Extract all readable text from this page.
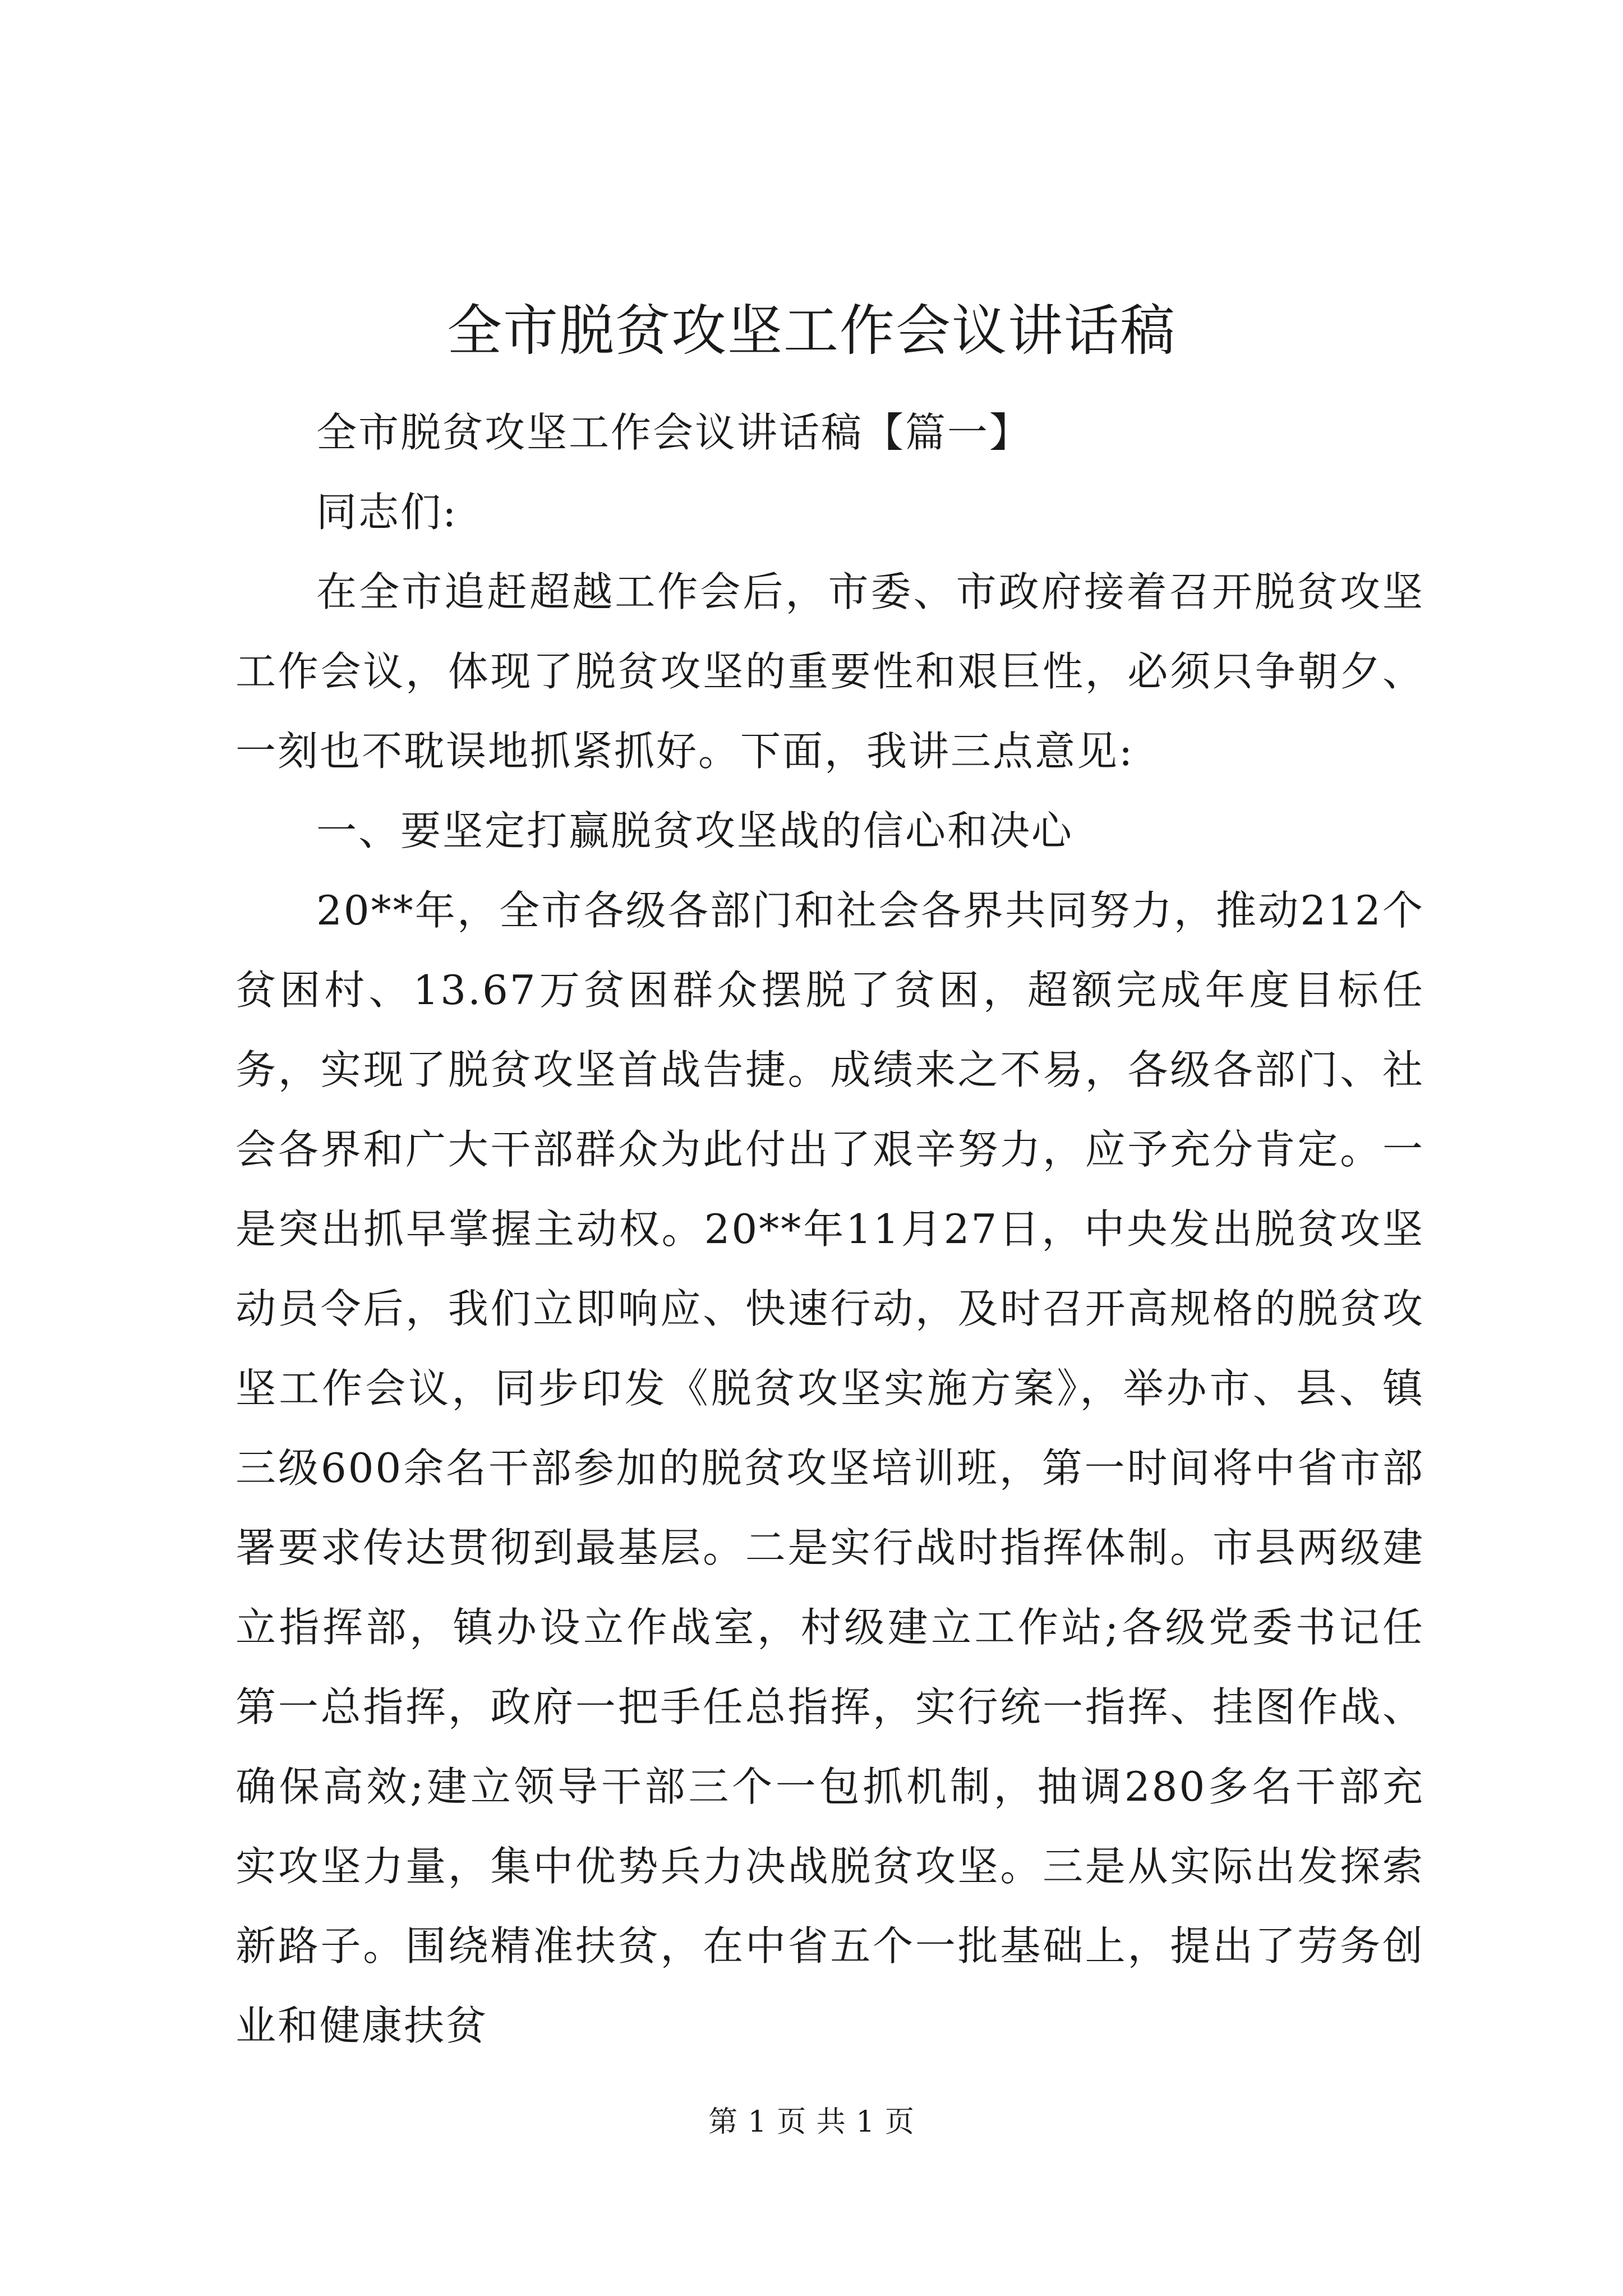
全市脱贫攻坚工作会议讲话稿

全市脱贫攻坚工作会议讲话稿【篇一】

同志们:

在全市追赶超越工作会后，市委、市政府接着召开脱贫攻坚工作会议，体现了脱贫攻坚的重要性和艰巨性，必须只争朝夕、一刻也不耽误地抓紧抓好。下面，我讲三点意见:

一、要坚定打赢脱贫攻坚战的信心和决心

20**年，全市各级各部门和社会各界共同努力，推动212个贫困村、13.67万贫困群众摆脱了贫困，超额完成年度目标任务，实现了脱贫攻坚首战告捷。成绩来之不易，各级各部门、社会各界和广大干部群众为此付出了艰辛努力，应予充分肯定。一是突出抓早掌握主动权。20**年11月27日，中央发出脱贫攻坚动员令后，我们立即响应、快速行动，及时召开高规格的脱贫攻坚工作会议，同步印发《脱贫攻坚实施方案》，举办市、县、镇三级600余名干部参加的脱贫攻坚培训班，第一时间将中省市部署要求传达贯彻到最基层。二是实行战时指挥体制。市县两级建立指挥部，镇办设立作战室，村级建立工作站;各级党委书记任第一总指挥，政府一把手任总指挥，实行统一指挥、挂图作战、确保高效;建立领导干部三个一包抓机制，抽调280多名干部充实攻坚力量，集中优势兵力决战脱贫攻坚。三是从实际出发探索新路子。围绕精准扶贫，在中省五个一批基础上，提出了劳务创业和健康扶贫

第 1 页 共 1 页
